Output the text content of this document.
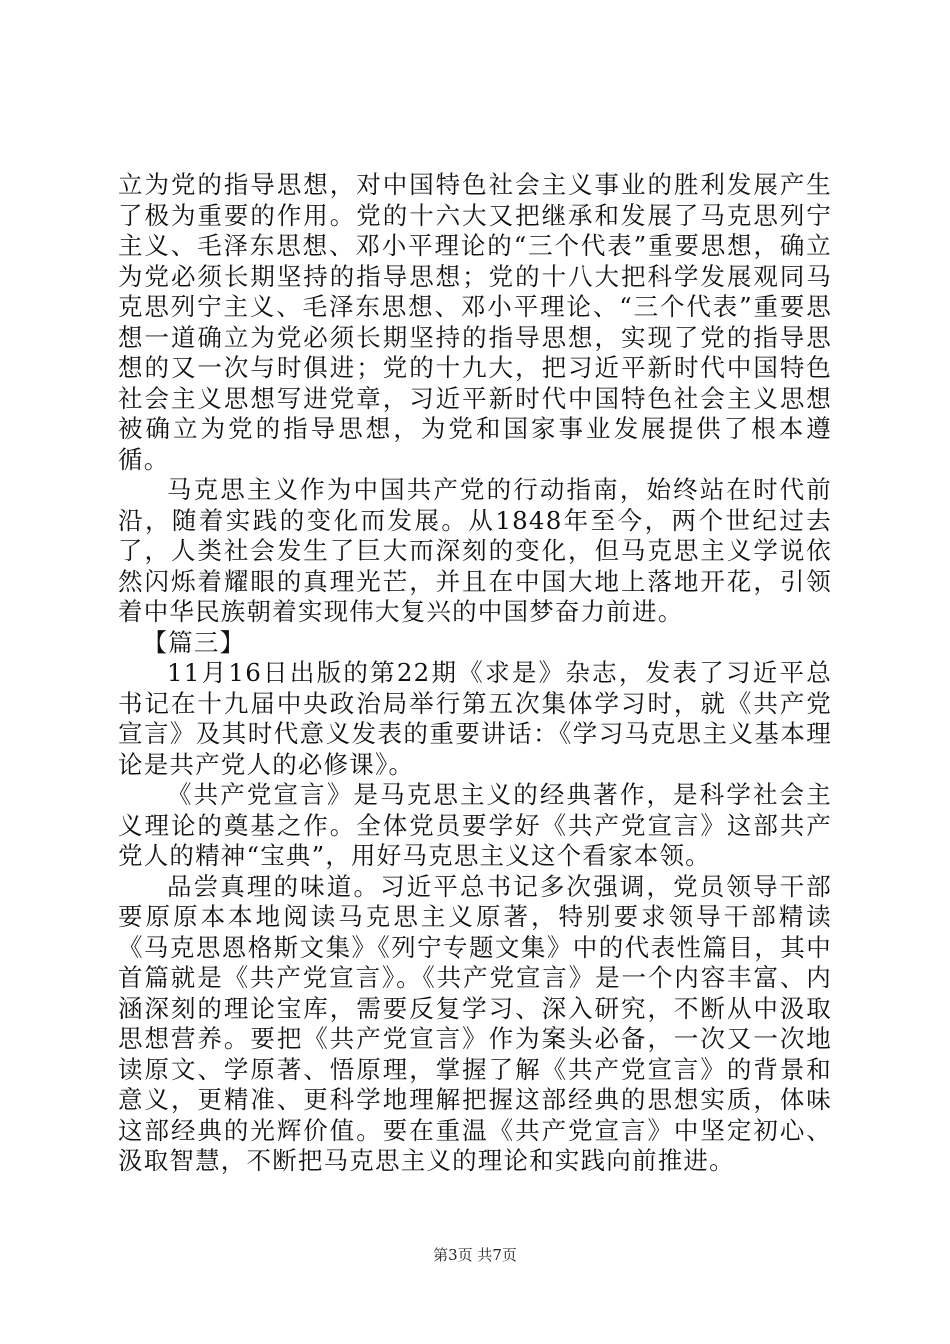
立为党的指导思想，对中国特色社会主义事业的胜利发展产生了极为重要的作用。党的十六大又把继承和发展了马克思列宁主义、毛泽东思想、邓小平理论的“三个代表”重要思想，确立为党必须长期坚持的指导思想；党的十八大把科学发展观同马克思列宁主义、毛泽东思想、邓小平理论、“三个代表”重要思想一道确立为党必须长期坚持的指导思想，实现了党的指导思想的又一次与时俱进；党的十九大，把习近平新时代中国特色社会主义思想写进党章，习近平新时代中国特色社会主义思想被确立为党的指导思想，为党和国家事业发展提供了根本遵循。

马克思主义作为中国共产党的行动指南，始终站在时代前沿，随着实践的变化而发展。从1848年至今，两个世纪过去了，人类社会发生了巨大而深刻的变化，但马克思主义学说依然闪烁着耀眼的真理光芒，并且在中国大地上落地开花，引领着中华民族朝着实现伟大复兴的中国梦奋力前进。

【篇三】

11月16日出版的第22期《求是》杂志，发表了习近平总书记在十九届中央政治局举行第五次集体学习时，就《共产党宣言》及其时代意义发表的重要讲话：《学习马克思主义基本理论是共产党人的必修课》。

《共产党宣言》是马克思主义的经典著作，是科学社会主义理论的奠基之作。全体党员要学好《共产党宣言》这部共产党人的精神“宝典”，用好马克思主义这个看家本领。

品尝真理的味道。习近平总书记多次强调，党员领导干部要原原本本地阅读马克思主义原著，特别要求领导干部精读《马克思恩格斯文集》《列宁专题文集》中的代表性篇目，其中首篇就是《共产党宣言》。《共产党宣言》是一个内容丰富、内涵深刻的理论宝库，需要反复学习、深入研究，不断从中汲取思想营养。要把《共产党宣言》作为案头必备，一次又一次地读原文、学原著、悟原理，掌握了解《共产党宣言》的背景和意义，更精准、更科学地理解把握这部经典的思想实质，体味这部经典的光辉价值。要在重温《共产党宣言》中坚定初心、汲取智慧，不断把马克思主义的理论和实践向前推进。

第3页 共7页
